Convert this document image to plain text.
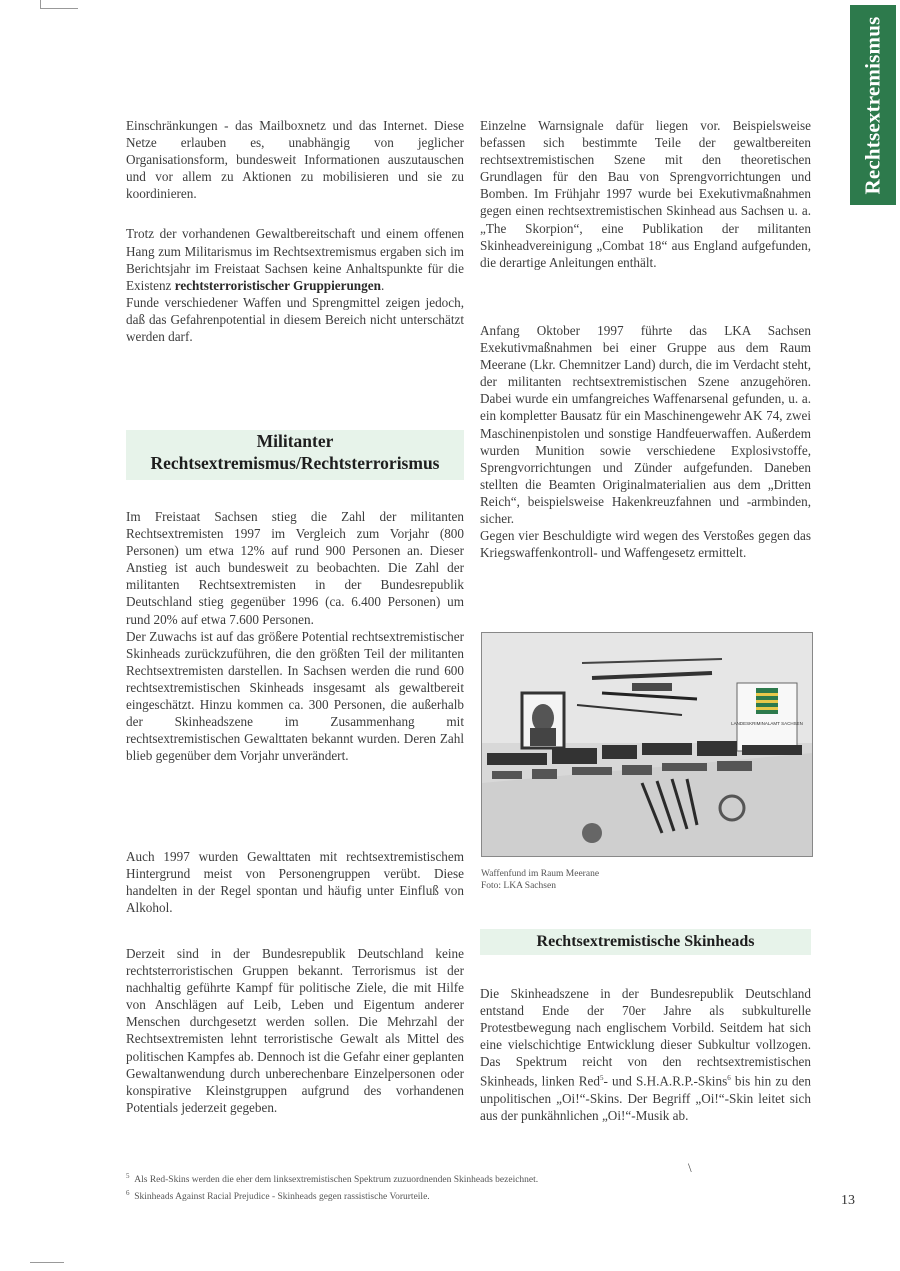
Rechtsextremismus

Einschränkungen - das Mailboxnetz und das Internet. Diese Netze erlauben es, unabhängig von jeglicher Organisationsform, bundesweit Informationen auszutauschen und vor allem zu Aktionen zu mobilisieren und sie zu koordinieren.

Trotz der vorhandenen Gewaltbereitschaft und einem offenen Hang zum Militarismus im Rechtsextremismus ergaben sich im Berichtsjahr im Freistaat Sachsen keine Anhaltspunkte für die Existenz rechtsterroristischer Gruppierungen.

Funde verschiedener Waffen und Sprengmittel zeigen jedoch, daß das Gefahrenpotential in diesem Bereich nicht unterschätzt werden darf.

Militanter
Rechtsextremismus/Rechtsterrorismus

Im Freistaat Sachsen stieg die Zahl der militanten Rechtsextremisten 1997 im Vergleich zum Vorjahr (800 Personen) um etwa 12% auf rund 900 Personen an. Dieser Anstieg ist auch bundesweit zu beobachten. Die Zahl der militanten Rechtsextremisten in der Bundesrepublik Deutschland stieg gegenüber 1996 (ca. 6.400 Personen) um rund 20% auf etwa 7.600 Personen.

Der Zuwachs ist auf das größere Potential rechtsextremistischer Skinheads zurückzuführen, die den größten Teil der militanten Rechtsextremisten darstellen. In Sachsen werden die rund 600 rechtsextremistischen Skinheads insgesamt als gewaltbereit eingeschätzt. Hinzu kommen ca. 300 Personen, die außerhalb der Skinheadszene im Zusammenhang mit rechtsextremistischen Gewalttaten bekannt wurden. Deren Zahl blieb gegenüber dem Vorjahr unverändert.

Auch 1997 wurden Gewalttaten mit rechtsextremistischem Hintergrund meist von Personengruppen verübt. Diese handelten in der Regel spontan und häufig unter Einfluß von Alkohol.

Derzeit sind in der Bundesrepublik Deutschland keine rechtsterroristischen Gruppen bekannt. Terrorismus ist der nachhaltig geführte Kampf für politische Ziele, die mit Hilfe von Anschlägen auf Leib, Leben und Eigentum anderer Menschen durchgesetzt werden sollen. Die Mehrzahl der Rechtsextremisten lehnt terroristische Gewalt als Mittel des politischen Kampfes ab. Dennoch ist die Gefahr einer geplanten Gewaltanwendung durch unberechenbare Einzelpersonen oder konspirative Kleinstgruppen aufgrund des vorhandenen Potentials jederzeit gegeben.

Einzelne Warnsignale dafür liegen vor. Beispielsweise befassen sich bestimmte Teile der gewaltbereiten rechtsextremistischen Szene mit den theoretischen Grundlagen für den Bau von Sprengvorrichtungen und Bomben. Im Frühjahr 1997 wurde bei Exekutivmaßnahmen gegen einen rechtsextremistischen Skinhead aus Sachsen u. a. „The Skorpion“, eine Publikation der militanten Skinheadvereinigung „Combat 18“ aus England aufgefunden, die derartige Anleitungen enthält.

Anfang Oktober 1997 führte das LKA Sachsen Exekutivmaßnahmen bei einer Gruppe aus dem Raum Meerane (Lkr. Chemnitzer Land) durch, die im Verdacht steht, der militanten rechtsextremistischen Szene anzugehören. Dabei wurde ein umfangreiches Waffenarsenal gefunden, u. a. ein kompletter Bausatz für ein Maschinengewehr AK 74, zwei Maschinenpistolen und sonstige Handfeuerwaffen. Außerdem wurden Munition sowie verschiedene Explosivstoffe, Sprengvorrichtungen und Zünder aufgefunden. Daneben stellten die Beamten Originalmaterialien aus dem „Dritten Reich“, beispielsweise Hakenkreuzfahnen und -armbinden, sicher.

Gegen vier Beschuldigte wird wegen des Verstoßes gegen das Kriegswaffenkontroll- und Waffengesetz ermittelt.

LANDESKRIMINALAMT SACHSEN
Waffenfund im Raum Meerane
Foto: LKA Sachsen
Rechtsextremistische Skinheads

Die Skinheadszene in der Bundesrepublik Deutschland entstand Ende der 70er Jahre als subkulturelle Protestbewegung nach englischem Vorbild. Seitdem hat sich eine vielschichtige Entwicklung dieser Subkultur vollzogen. Das Spektrum reicht von den rechtsextremistischen Skinheads, linken Red$^5$- und S.H.A.R.P.-Skins$^6$ bis hin zu den unpolitischen „Oi!“-Skins. Der Begriff „Oi!“-Skin leitet sich aus der punkähnlichen „Oi!“-Musik ab.

\
$^5$ Als Red-Skins werden die eher dem linksextremistischen Spektrum zuzuordnenden Skinheads bezeichnet.
$^6$ Skinheads Against Racial Prejudice - Skinheads gegen rassistische Vorurteile.	13
